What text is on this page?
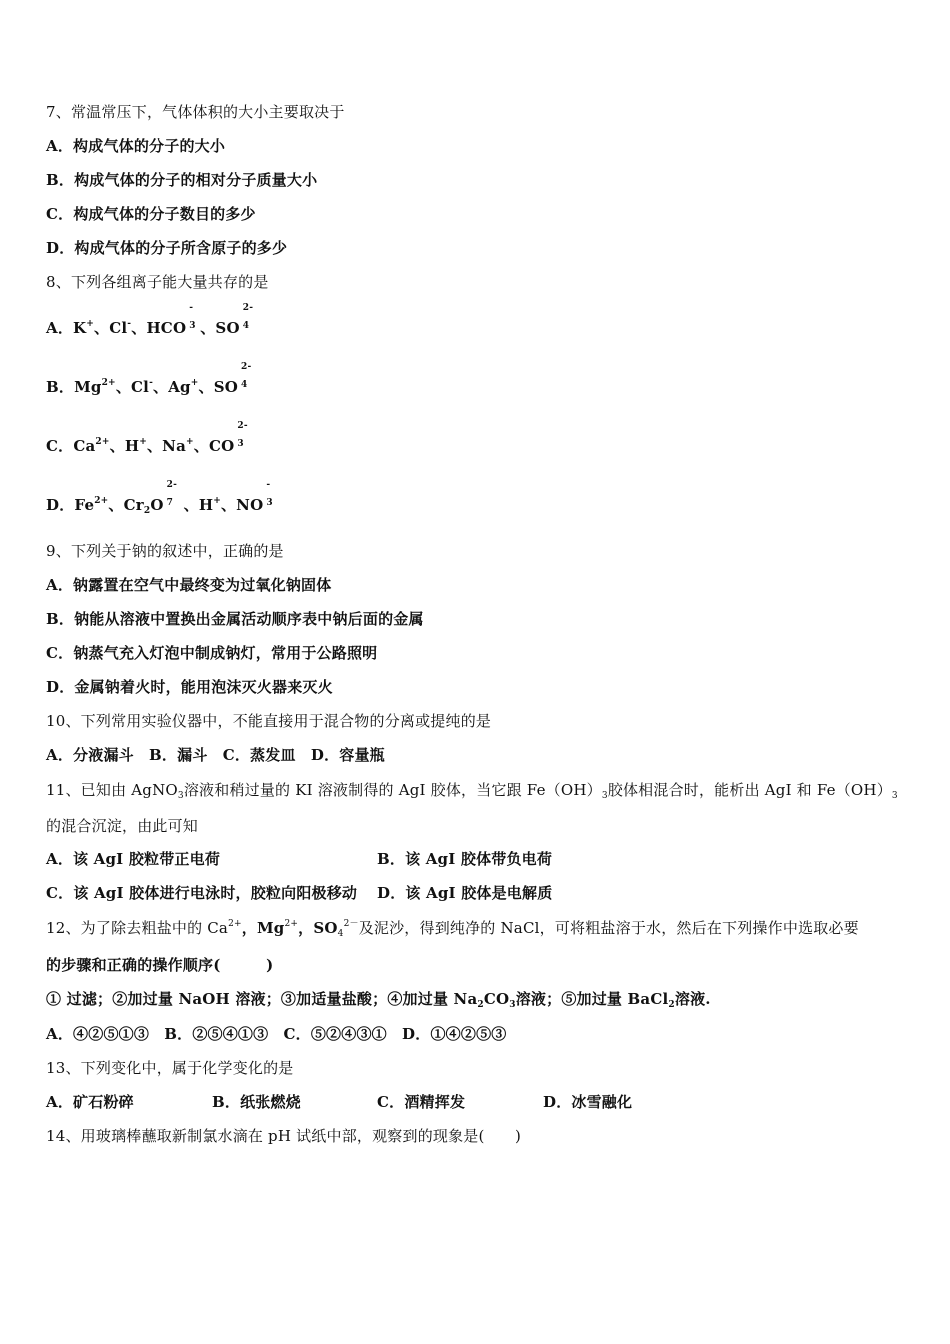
7、常温常压下，气体体积的大小主要取决于
A．构成气体的分子的大小
B．构成气体的分子的相对分子质量大小
C．构成气体的分子数目的多少
D．构成气体的分子所含原子的多少
8、下列各组离子能大量共存的是
A．K+、Cl-、HCO
-
3 、SO
2-
4
B．$Mg^{2+}$、Cl-、Ag+、SO
2-
4
C．$Ca^{2+}$、H+、Na+、CO
2-
3
D．$Fe^{2+}$、$Cr_2O$
2-
7 、H+、NO
-
3
9、下列关于钠的叙述中，正确的是
A．钠露置在空气中最终变为过氧化钠固体
B．钠能从溶液中置换出金属活动顺序表中钠后面的金属
C．钠蒸气充入灯泡中制成钠灯，常用于公路照明
D．金属钠着火时，能用泡沫灭火器来灭火
10、下列常用实验仪器中，不能直接用于混合物的分离或提纯的是
A．分液漏斗　B．漏斗　C．蒸发皿　D．容量瓶
11、已知由 AgNO$_3$溶液和稍过量的 KI 溶液制得的 AgI 胶体，当它跟 $Fe(OH)_3$胶体相混合时，能析出 AgI 和 $Fe(OH)_3$
的混合沉淀，由此可知
A．该 AgI 胶粒带正电荷	B．该 AgI 胶体带负电荷
C．该 AgI 胶体进行电泳时，胶粒向阳极移动 D．该 AgI 胶体是电解质
12、为了除去粗盐中的 $Ca^{2+}$，$Mg^{2+}$，$SO_4^{2-}$及泥沙，得到纯净的 NaCl，可将粗盐溶于水，然后在下列操作中选取必要
的步骤和正确的操作顺序(　　　)
① 过滤；②加过量 NaOH 溶液；③加适量盐酸；④加过量 $Na_2CO_3$溶液；⑤加过量 BaCl$_2$溶液.
A．④②⑤①③　B．②⑤④①③　C．⑤②④③①　D．①④②⑤③
13、下列变化中，属于化学变化的是
A．矿石粉碎	B．纸张燃烧	C．酒精挥发	D．冰雪融化
14、用玻璃棒蘸取新制氯水滴在 pH 试纸中部，观察到的现象是(　　)
